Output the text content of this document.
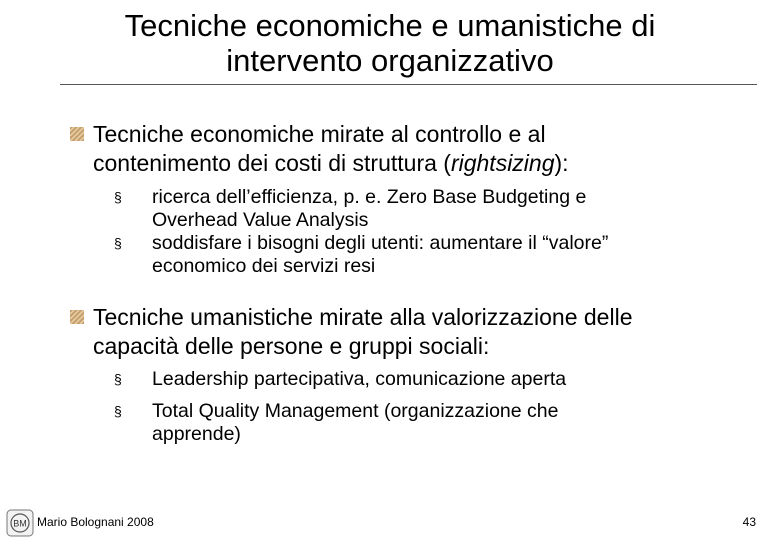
Tecniche economiche e umanistiche di
intervento organizzativo
Tecniche economiche mirate al controllo e al
contenimento dei costi di struttura (rightsizing):
§ ricerca dell’efficienza, p. e. Zero Base Budgeting e
Overhead Value Analysis
§ soddisfare i bisogni degli utenti: aumentare il “valore”
economico dei servizi resi
Tecniche umanistiche mirate alla valorizzazione delle
capacità delle persone e gruppi sociali:
§ Leadership partecipativa, comunicazione aperta
§ Total Quality Management (organizzazione che
apprende)
BM Mario Bolognani 2008	43
